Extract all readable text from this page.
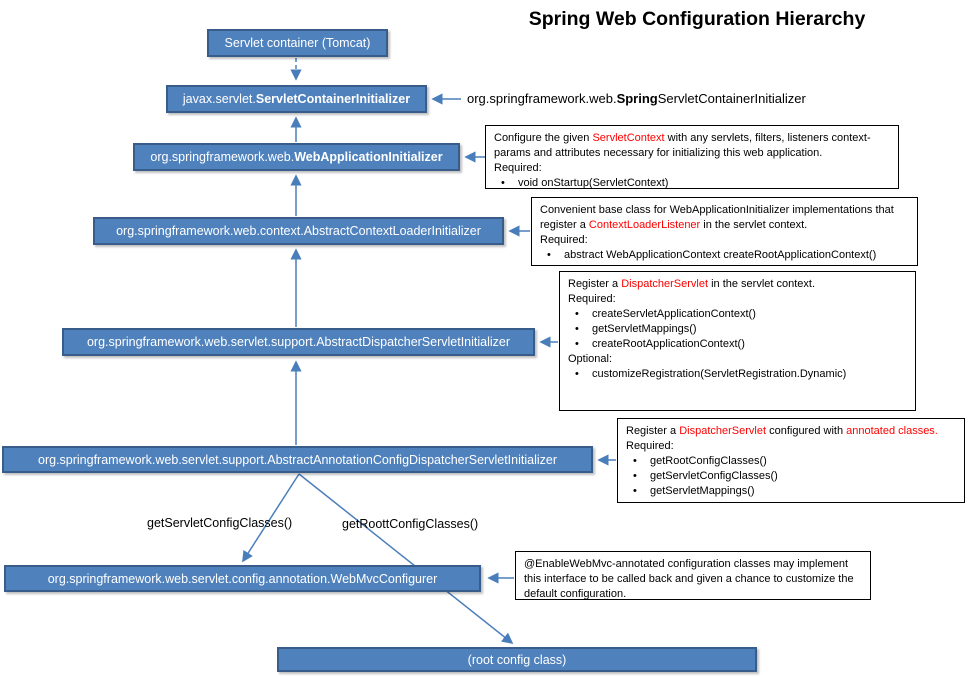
Spring Web Configuration Hierarchy
org.springframework.web.SpringServletContainerInitializer
Servlet container (Tomcat)
javax.servlet.ServletContainerInitializer
org.springframework.web.WebApplicationInitializer
org.springframework.web.context.AbstractContextLoaderInitializer
org.springframework.web.servlet.support.AbstractDispatcherServletInitializer
org.springframework.web.servlet.support.AbstractAnnotationConfigDispatcherServletInitializer
org.springframework.web.servlet.config.annotation.WebMvcConfigurer
(root config class)
getServletConfigClasses()	getRoottConfigClasses()
Configure the given ServletContext with any servlets, filters, listeners context-params and attributes necessary for initializing this web application.
Required:
• void onStartup(ServletContext)
Convenient base class for WebApplicationInitializer implementations that register a ContextLoaderListener in the servlet context.
Required:
• abstract WebApplicationContext createRootApplicationContext()
Register a DispatcherServlet in the servlet context.
Required:
• createServletApplicationContext()
• getServletMappings()
• createRootApplicationContext()
Optional:
• customizeRegistration(ServletRegistration.Dynamic)
Register a DispatcherServlet configured with annotated classes.
Required:
• getRootConfigClasses()
• getServletConfigClasses()
• getServletMappings()
@EnableWebMvc-annotated configuration classes may implement this interface to be called back and given a chance to customize the default configuration.
